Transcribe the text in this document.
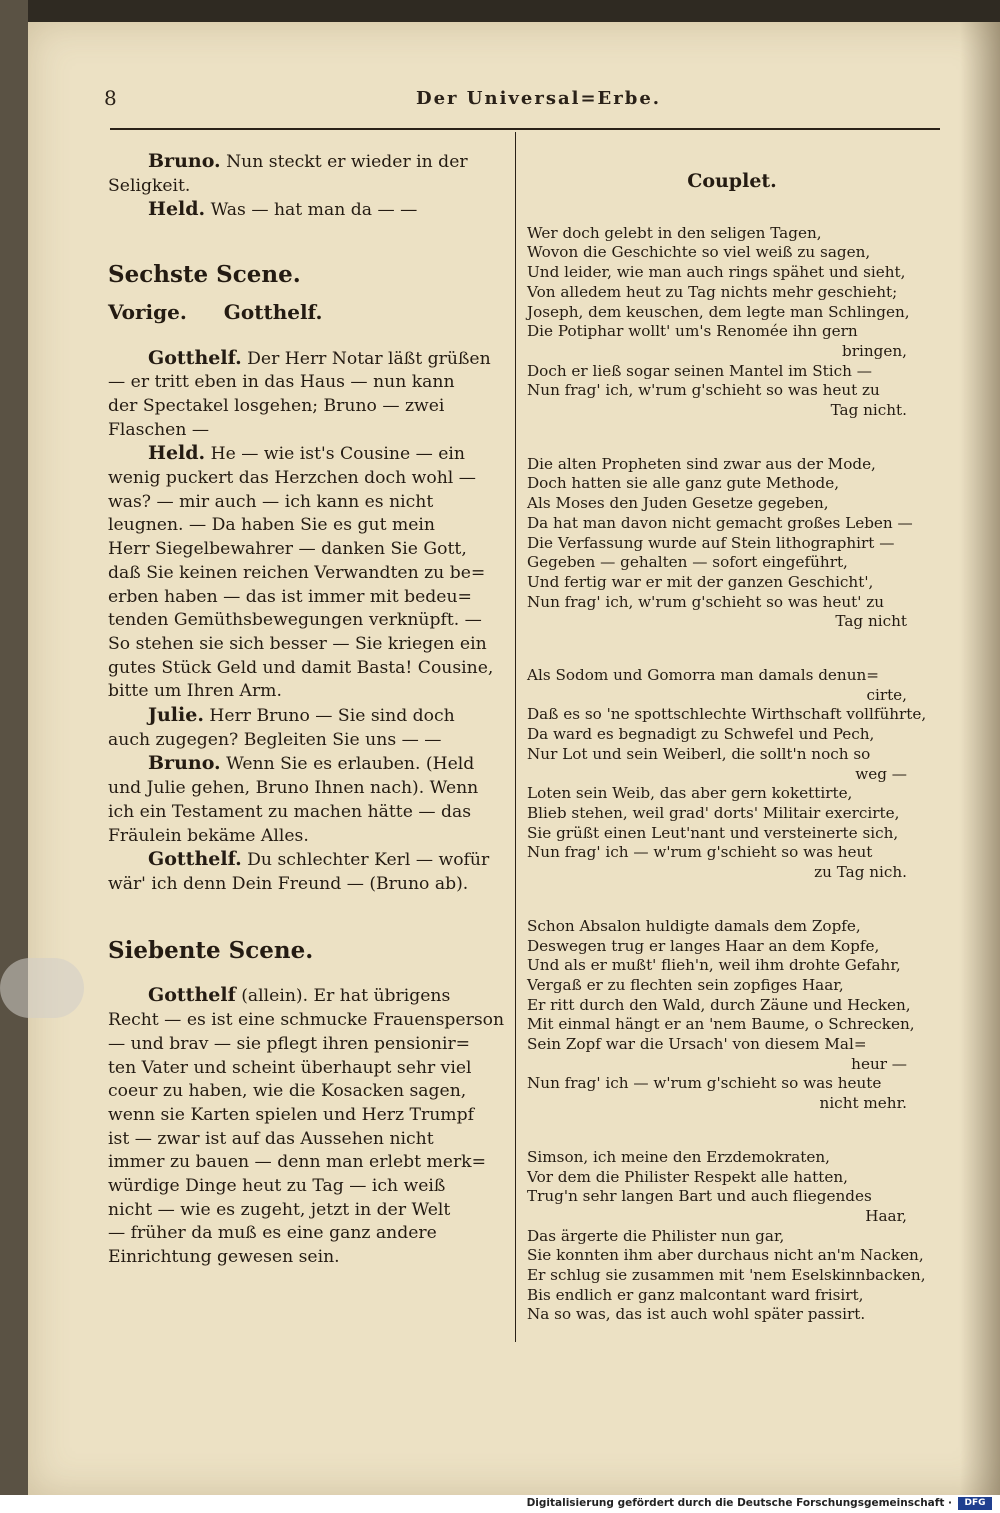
8	Der Universal=Erbe.
Bruno. Nun steckt er wieder in der
Seligkeit.
Held. Was — hat man da — —

Sechste Scene.

Vorige. Gotthelf.

Gotthelf. Der Herr Notar läßt grüßen
— er tritt eben in das Haus — nun kann
der Spectakel losgehen; Bruno — zwei
Flaschen —
Held. He — wie ist's Cousine — ein
wenig puckert das Herzchen doch wohl —
was? — mir auch — ich kann es nicht
leugnen. — Da haben Sie es gut mein
Herr Siegelbewahrer — danken Sie Gott,
daß Sie keinen reichen Verwandten zu be=
erben haben — das ist immer mit bedeu=
tenden Gemüthsbewegungen verknüpft. —
So stehen sie sich besser — Sie kriegen ein
gutes Stück Geld und damit Basta! Cousine,
bitte um Ihren Arm.
Julie. Herr Bruno — Sie sind doch
auch zugegen? Begleiten Sie uns — —
Bruno. Wenn Sie es erlauben. (Held
und Julie gehen, Bruno Ihnen nach). Wenn
ich ein Testament zu machen hätte — das
Fräulein bekäme Alles.
Gotthelf. Du schlechter Kerl — wofür
wär' ich denn Dein Freund — (Bruno ab).

Siebente Scene.

Gotthelf (allein). Er hat übrigens
Recht — es ist eine schmucke Frauensperson
— und brav — sie pflegt ihren pensionir=
ten Vater und scheint überhaupt sehr viel
coeur zu haben, wie die Kosacken sagen,
wenn sie Karten spielen und Herz Trumpf
ist — zwar ist auf das Aussehen nicht
immer zu bauen — denn man erlebt merk=
würdige Dinge heut zu Tag — ich weiß
nicht — wie es zugeht, jetzt in der Welt
— früher da muß es eine ganz andere
Einrichtung gewesen sein.

Couplet.

Wer doch gelebt in den seligen Tagen,
Wovon die Geschichte so viel weiß zu sagen,
Und leider, wie man auch rings spähet und sieht,
Von alledem heut zu Tag nichts mehr geschieht;
Joseph, dem keuschen, dem legte man Schlingen,
Die Potiphar wollt' um's Renomée ihn gern
bringen,
Doch er ließ sogar seinen Mantel im Stich —
Nun frag' ich, w'rum g'schieht so was heut zu
Tag nicht.
Die alten Propheten sind zwar aus der Mode,
Doch hatten sie alle ganz gute Methode,
Als Moses den Juden Gesetze gegeben,
Da hat man davon nicht gemacht großes Leben —
Die Verfassung wurde auf Stein lithographirt —
Gegeben — gehalten — sofort eingeführt,
Und fertig war er mit der ganzen Geschicht',
Nun frag' ich, w'rum g'schieht so was heut' zu
Tag nicht
Als Sodom und Gomorra man damals denun=
cirte,
Daß es so 'ne spottschlechte Wirthschaft vollführte,
Da ward es begnadigt zu Schwefel und Pech,
Nur Lot und sein Weiberl, die sollt'n noch so
weg —
Loten sein Weib, das aber gern kokettirte,
Blieb stehen, weil grad' dorts' Militair exercirte,
Sie grüßt einen Leut'nant und versteinerte sich,
Nun frag' ich — w'rum g'schieht so was heut
zu Tag nich.
Schon Absalon huldigte damals dem Zopfe,
Deswegen trug er langes Haar an dem Kopfe,
Und als er mußt' flieh'n, weil ihm drohte Gefahr,
Vergaß er zu flechten sein zopfiges Haar,
Er ritt durch den Wald, durch Zäune und Hecken,
Mit einmal hängt er an 'nem Baume, o Schrecken,
Sein Zopf war die Ursach' von diesem Mal=
heur —
Nun frag' ich — w'rum g'schieht so was heute
nicht mehr.
Simson, ich meine den Erzdemokraten,
Vor dem die Philister Respekt alle hatten,
Trug'n sehr langen Bart und auch fliegendes
Haar,
Das ärgerte die Philister nun gar,
Sie konnten ihm aber durchaus nicht an'm Nacken,
Er schlug sie zusammen mit 'nem Eselskinnbacken,
Bis endlich er ganz malcontant ward frisirt,
Na so was, das ist auch wohl später passirt.
Digitalisierung gefördert durch die Deutsche Forschungsgemeinschaft ·	DFG
